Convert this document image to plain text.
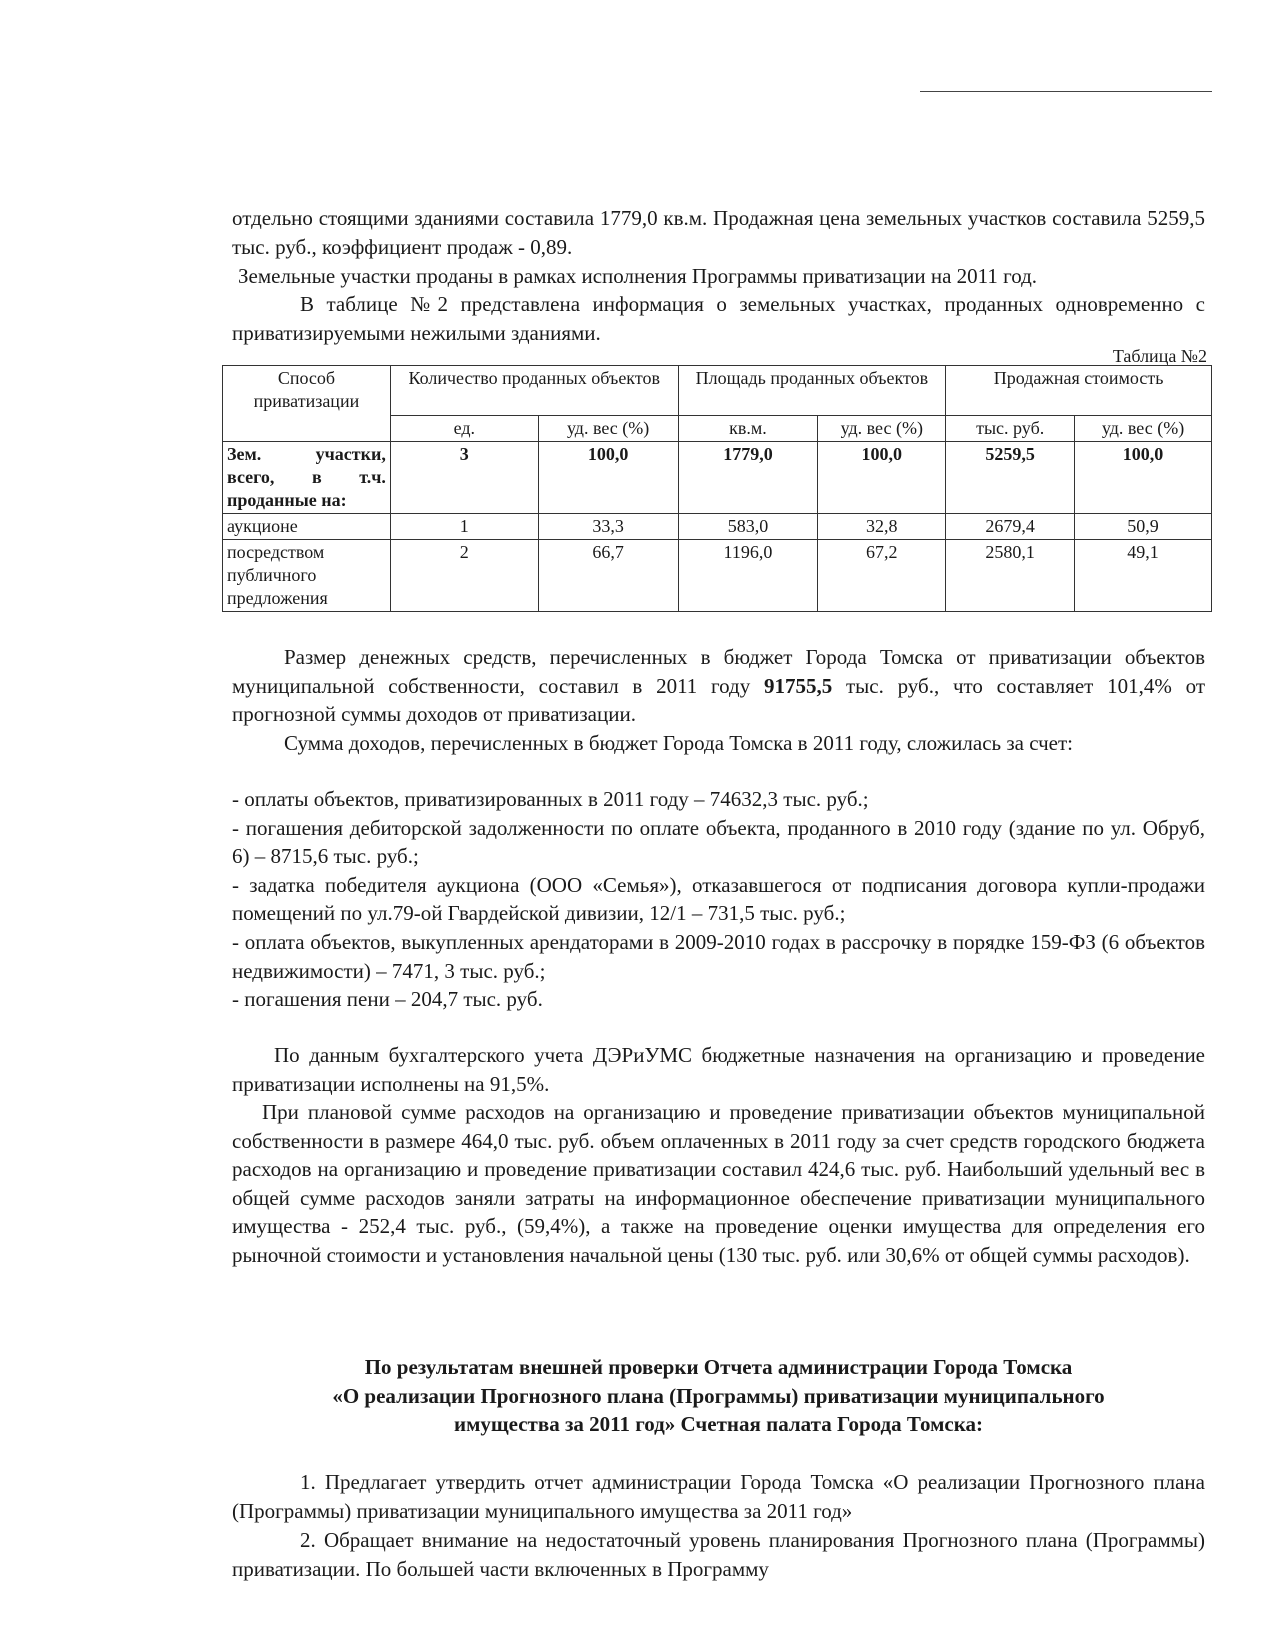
отдельно стоящими зданиями составила 1779,0 кв.м. Продажная цена земельных участков составила 5259,5 тыс. руб., коэффициент продаж - 0,89.
Земельные участки проданы в рамках исполнения Программы приватизации на 2011 год.
В таблице №2 представлена информация о земельных участках, проданных одновременно с приватизируемыми нежилыми зданиями.
Таблица №2
Способ приватизации	Количество проданных объектов		Площадь проданных объектов		Продажная стоимость	
	ед.	уд. вес (%)	кв.м.	уд. вес (%)	тыс. руб.	уд. вес (%)
Зем. участки, всего, в т.ч. проданные на:	3	100,0	1779,0	100,0	5259,5	100,0
аукционе	1	33,3	583,0	32,8	2679,4	50,9
посредством публичного предложения	2	66,7	1196,0	67,2	2580,1	49,1
Размер денежных средств, перечисленных в бюджет Города Томска от приватизации объектов муниципальной собственности, составил в 2011 году 91755,5 тыс. руб., что составляет 101,4% от прогнозной суммы доходов от приватизации.
Сумма доходов, перечисленных в бюджет Города Томска в 2011 году, сложилась за счет:
- оплаты объектов, приватизированных в 2011 году – 74632,3 тыс. руб.;
- погашения дебиторской задолженности по оплате объекта, проданного в 2010 году (здание по ул. Обруб, 6) – 8715,6 тыс. руб.;
- задатка победителя аукциона (ООО «Семья»), отказавшегося от подписания договора купли-продажи помещений по ул.79-ой Гвардейской дивизии, 12/1 – 731,5 тыс. руб.;
- оплата объектов, выкупленных арендаторами в 2009-2010 годах в рассрочку в порядке 159-ФЗ (6 объектов недвижимости) – 7471, 3 тыс. руб.;
- погашения пени – 204,7 тыс. руб.
По данным бухгалтерского учета ДЭРиУМС бюджетные назначения на организацию и проведение приватизации исполнены на 91,5%.
При плановой сумме расходов на организацию и проведение приватизации объектов муниципальной собственности в размере 464,0 тыс. руб. объем оплаченных в 2011 году за счет средств городского бюджета расходов на организацию и проведение приватизации составил 424,6 тыс. руб. Наибольший удельный вес в общей сумме расходов заняли затраты на информационное обеспечение приватизации муниципального имущества - 252,4 тыс. руб., (59,4%), а также на проведение оценки имущества для определения его рыночной стоимости и установления начальной цены (130 тыс. руб. или 30,6% от общей суммы расходов).
По результатам внешней проверки Отчета администрации Города Томска
«О реализации Прогнозного плана (Программы) приватизации муниципального
имущества за 2011 год» Счетная палата Города Томска:
1. Предлагает утвердить отчет администрации Города Томска «О реализации Прогнозного плана (Программы) приватизации муниципального имущества за 2011 год»
2. Обращает внимание на недостаточный уровень планирования Прогнозного плана (Программы) приватизации. По большей части включенных в Программу
